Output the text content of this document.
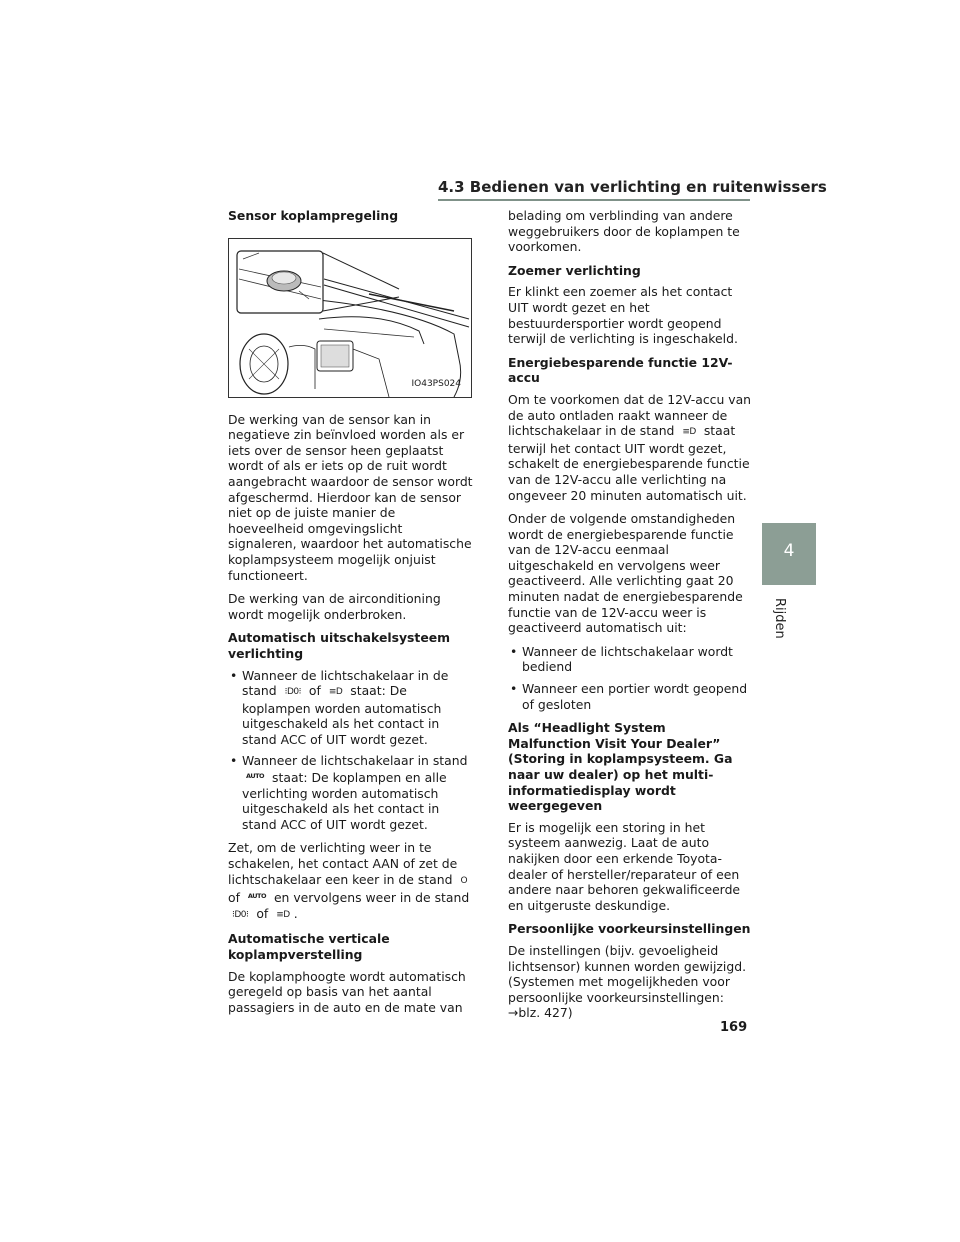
4.3 Bedienen van verlichting en ruitenwissers
Sensor koplampregeling
IO43PS024

De werking van de sensor kan in negatieve zin beïnvloed worden als er iets over de sensor heen geplaatst wordt of als er iets op de ruit wordt aangebracht waardoor de sensor wordt afgeschermd. Hierdoor kan de sensor niet op de juiste manier de hoeveelheid omgevingslicht signaleren, waardoor het automatische koplampsysteem mogelijk onjuist functioneert.

De werking van de airconditioning wordt mogelijk onderbroken.

Automatisch uitschakelsysteem verlichting
• Wanneer de lichtschakelaar in de stand ⁝D0⁝ of ≡D staat: De koplampen worden automatisch uitgeschakeld als het contact in stand ACC of UIT wordt gezet.
• Wanneer de lichtschakelaar in stand AUTO staat: De koplampen en alle verlichting worden automatisch uitgeschakeld als het contact in stand ACC of UIT wordt gezet.

Zet, om de verlichting weer in te schakelen, het contact AAN of zet de lichtschakelaar een keer in de stand O of AUTO en vervolgens weer in de stand ⁝D0⁝ of ≡D .

Automatische verticale koplampverstelling

De koplamphoogte wordt automatisch geregeld op basis van het aantal passagiers in de auto en de mate van

belading om verblinding van andere weggebruikers door de koplampen te voorkomen.

Zoemer verlichting

Er klinkt een zoemer als het contact UIT wordt gezet en het bestuurdersportier wordt geopend terwijl de verlichting is ingeschakeld.

Energiebesparende functie 12V-accu

Om te voorkomen dat de 12V-accu van de auto ontladen raakt wanneer de lichtschakelaar in de stand ≡D staat terwijl het contact UIT wordt gezet, schakelt de energiebesparende functie van de 12V-accu alle verlichting na ongeveer 20 minuten automatisch uit.

Onder de volgende omstandigheden wordt de energiebesparende functie van de 12V-accu eenmaal uitgeschakeld en vervolgens weer geactiveerd. Alle verlichting gaat 20 minuten nadat de energiebesparende functie van de 12V-accu weer is geactiveerd automatisch uit:

• Wanneer de lichtschakelaar wordt bediend
• Wanneer een portier wordt geopend of gesloten
Als “Headlight System Malfunction Visit Your Dealer” (Storing in koplampsysteem. Ga naar uw dealer) op het multi-informatiedisplay wordt weergegeven

Er is mogelijk een storing in het systeem aanwezig. Laat de auto nakijken door een erkende Toyota-dealer of hersteller/reparateur of een andere naar behoren gekwalificeerde en uitgeruste deskundige.

Persoonlijke voorkeursinstellingen

De instellingen (bijv. gevoeligheid lichtsensor) kunnen worden gewijzigd. (Systemen met mogelijkheden voor persoonlijke voorkeursinstellingen: →blz. 427)

169
4
Rijden
